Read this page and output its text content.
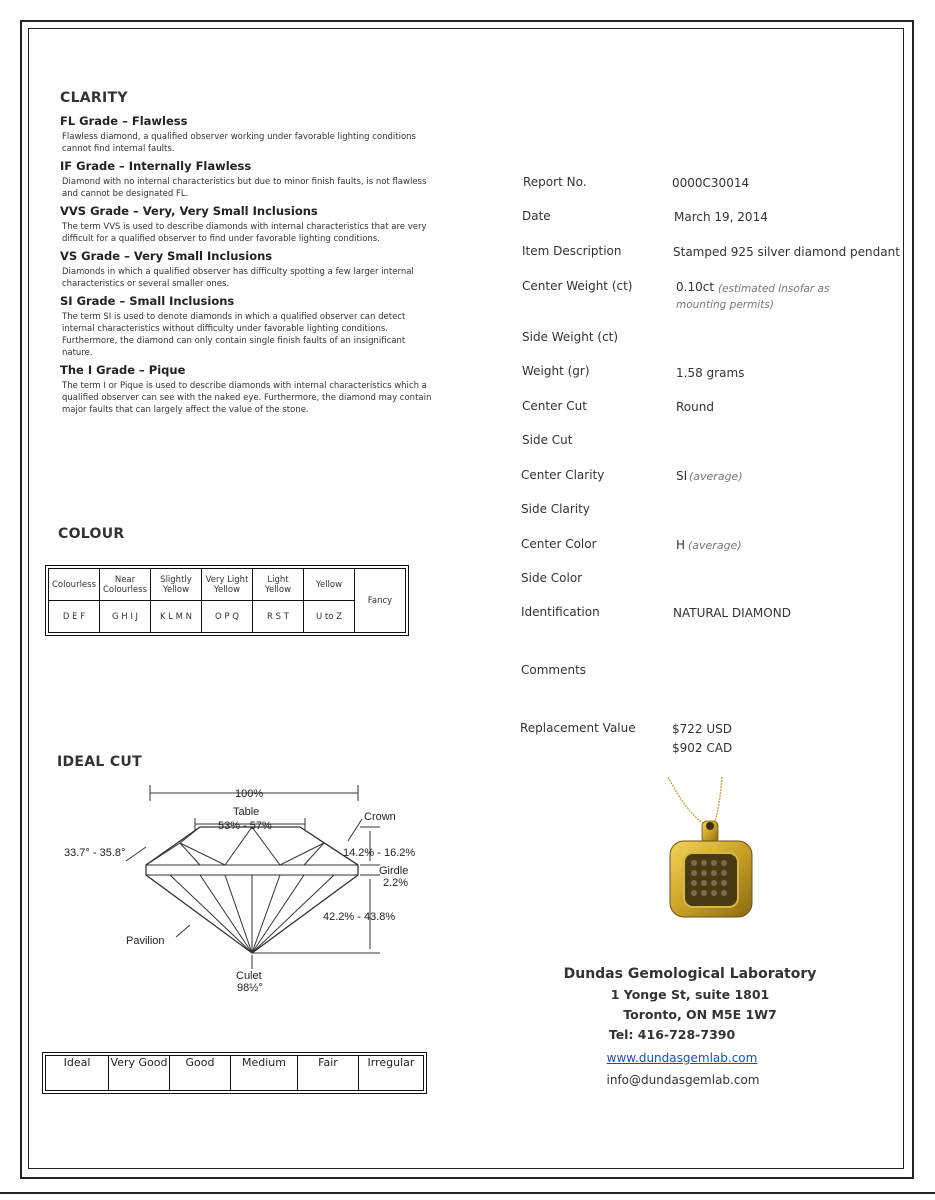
CLARITY

FL Grade – Flawless

Flawless diamond, a qualified observer working under favorable lighting conditions cannot find internal faults.

IF Grade – Internally Flawless

Diamond with no internal characteristics but due to minor finish faults, is not flawless and cannot be designated FL.

VVS Grade – Very, Very Small Inclusions

The term VVS is used to describe diamonds with internal characteristics that are very difficult for a qualified observer to find under favorable lighting conditions.

VS Grade – Very Small Inclusions

Diamonds in which a qualified observer has difficulty spotting a few larger internal characteristics or several smaller ones.

SI Grade – Small Inclusions

The term SI is used to denote diamonds in which a qualified observer can detect internal characteristics without difficulty under favorable lighting conditions. Furthermore, the diamond can only contain single finish faults of an insignificant nature.

The I Grade – Pique

The term I or Pique is used to describe diamonds with internal characteristics which a qualified observer can see with the naked eye. Furthermore, the diamond may contain major faults that can largely affect the value of the stone.

COLOUR
Colourless	Near Colourless	Slightly Yellow	Very Light Yellow	Light Yellow	Yellow	Fancy
D E F	G H I J	K L M N	O P Q	R S T	U to Z	
IDEAL CUT
100%
Table
53% - 57%
Crown
33.7° - 35.8°	14.2% - 16.2%
Girdle
2.2%
42.2% - 43.8%
Pavilion
Culet
98½°
Ideal	Very Good	Good	Medium	Fair	Irregular
Report No.	0000C30014
Date	March 19, 2014
Item Description	Stamped 925 silver diamond pendant
Center Weight (ct)	0.10ct (estimated insofar as mounting permits)
Side Weight (ct)
Weight (gr)	1.58 grams
Center Cut	Round
Side Cut
Center Clarity	SI (average)
Side Clarity
Center Color	H (average)
Side Color
Identification	NATURAL DIAMOND
Comments
Replacement Value	$722 USD
$902 CAD
Dundas Gemological Laboratory
1 Yonge St, suite 1801
Toronto, ON M5E 1W7
Tel: 416-728-7390
www.dundasgemlab.com
info@dundasgemlab.com
